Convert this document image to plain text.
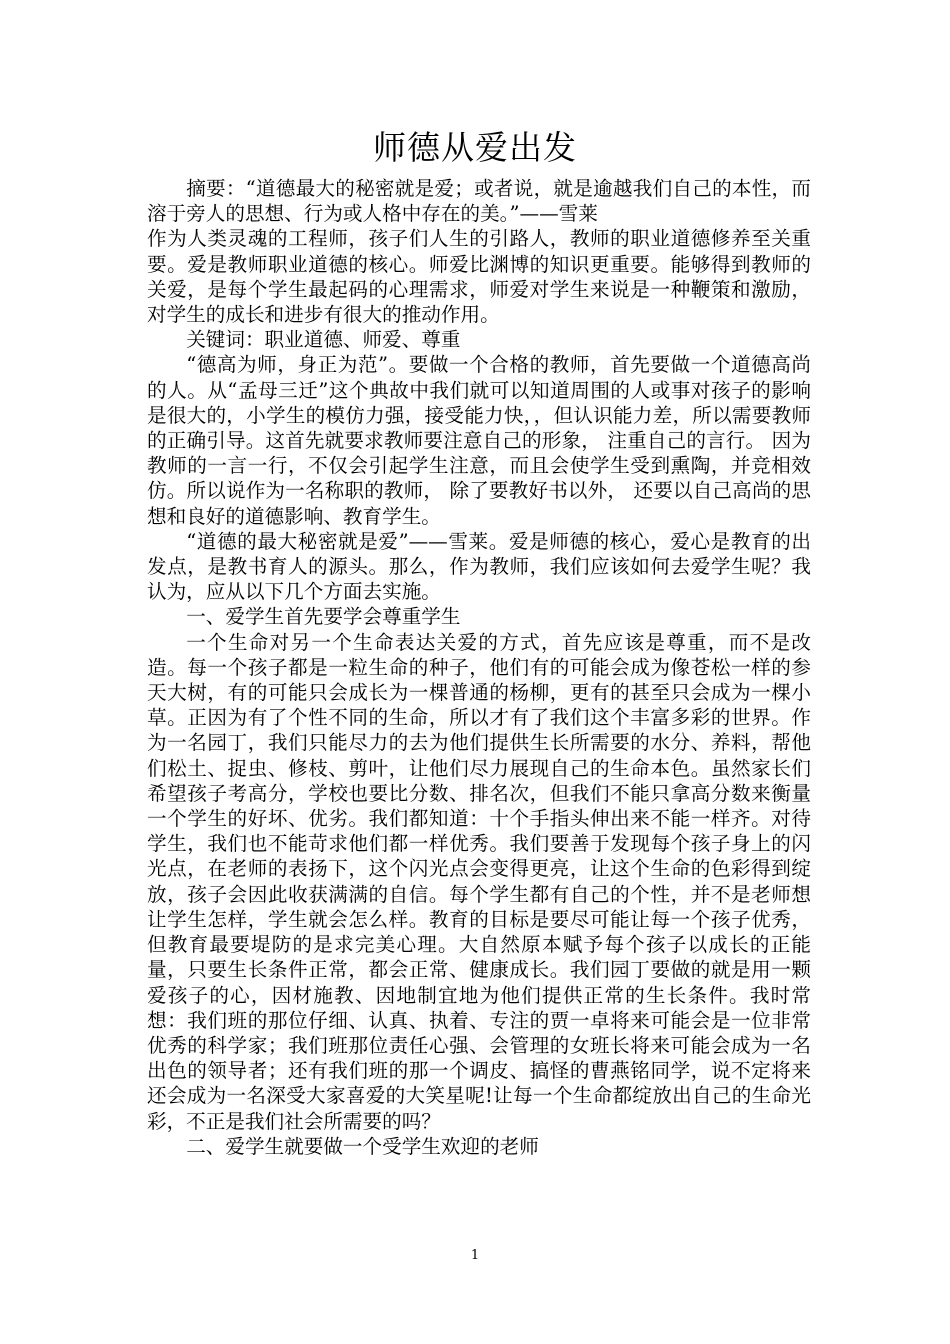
师德从爱出发

摘要：“道德最大的秘密就是爱；或者说，就是逾越我们自己的本性，而溶于旁人的思想、行为或人格中存在的美。”——雪莱

作为人类灵魂的工程师，孩子们人生的引路人，教师的职业道德修养至关重要。爱是教师职业道德的核心。师爱比渊博的知识更重要。能够得到教师的关爱，是每个学生最起码的心理需求，师爱对学生来说是一种鞭策和激励，对学生的成长和进步有很大的推动作用。

关键词：职业道德、师爱、尊重

“德高为师，身正为范”。要做一个合格的教师，首先要做一个道德高尚的人。从“孟母三迁”这个典故中我们就可以知道周围的人或事对孩子的影响是很大的，小学生的模仿力强，接受能力快，，但认识能力差，所以需要教师的正确引导。这首先就要求教师要注意自己的形象， 注重自己的言行。 因为教师的一言一行，不仅会引起学生注意，而且会使学生受到熏陶，并竞相效仿。所以说作为一名称职的教师， 除了要教好书以外， 还要以自己高尚的思想和良好的道德影响、教育学生。

“道德的最大秘密就是爱”——雪莱。爱是师德的核心，爱心是教育的出发点，是教书育人的源头。那么，作为教师，我们应该如何去爱学生呢？我认为，应从以下几个方面去实施。

一、爱学生首先要学会尊重学生

一个生命对另一个生命表达关爱的方式，首先应该是尊重，而不是改造。每一个孩子都是一粒生命的种子，他们有的可能会成为像苍松一样的参天大树，有的可能只会成长为一棵普通的杨柳，更有的甚至只会成为一棵小草。正因为有了个性不同的生命，所以才有了我们这个丰富多彩的世界。作为一名园丁，我们只能尽力的去为他们提供生长所需要的水分、养料，帮他们松土、捉虫、修枝、剪叶，让他们尽力展现自己的生命本色。虽然家长们希望孩子考高分，学校也要比分数、排名次，但我们不能只拿高分数来衡量一个学生的好坏、优劣。我们都知道：十个手指头伸出来不能一样齐。对待学生，我们也不能苛求他们都一样优秀。我们要善于发现每个孩子身上的闪光点，在老师的表扬下，这个闪光点会变得更亮，让这个生命的色彩得到绽放，孩子会因此收获满满的自信。每个学生都有自己的个性，并不是老师想让学生怎样，学生就会怎么样。教育的目标是要尽可能让每一个孩子优秀，但教育最要堤防的是求完美心理。大自然原本赋予每个孩子以成长的正能量，只要生长条件正常，都会正常、健康成长。我们园丁要做的就是用一颗爱孩子的心，因材施教、因地制宜地为他们提供正常的生长条件。我时常想：我们班的那位仔细、认真、执着、专注的贾一卓将来可能会是一位非常优秀的科学家；我们班那位责任心强、会管理的女班长将来可能会成为一名出色的领导者；还有我们班的那一个调皮、搞怪的曹燕铭同学，说不定将来还会成为一名深受大家喜爱的大笑星呢!让每一个生命都绽放出自己的生命光彩，不正是我们社会所需要的吗？

二、爱学生就要做一个受学生欢迎的老师

1
